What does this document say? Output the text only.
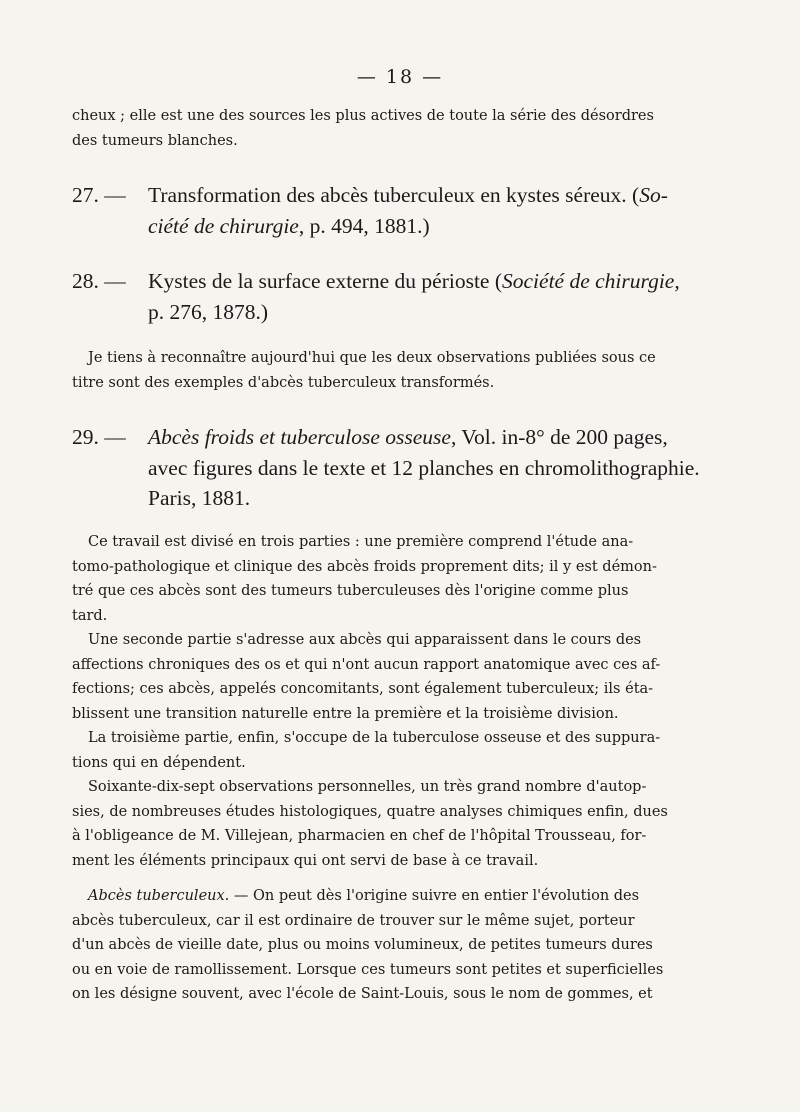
— 18 —

cheux ; elle est une des sources les plus actives de toute la série des désordres

des tumeurs blanches.

27. — Transformation des abcès tuberculeux en kystes séreux. (So-

ciété de chirurgie, p. 494, 1881.)

28. — Kystes de la surface externe du périoste (Société de chirurgie,

p. 276, 1878.)

Je tiens à reconnaître aujourd'hui que les deux observations publiées sous ce

titre sont des exemples d'abcès tuberculeux transformés.

29. — Abcès froids et tuberculose osseuse, Vol. in-8° de 200 pages,

avec figures dans le texte et 12 planches en chromolithographie.

Paris, 1881.

Ce travail est divisé en trois parties : une première comprend l'étude ana-

tomo-pathologique et clinique des abcès froids proprement dits; il y est démon-

tré que ces abcès sont des tumeurs tuberculeuses dès l'origine comme plus

tard.

Une seconde partie s'adresse aux abcès qui apparaissent dans le cours des

affections chroniques des os et qui n'ont aucun rapport anatomique avec ces af-

fections; ces abcès, appelés concomitants, sont également tuberculeux; ils éta-

blissent une transition naturelle entre la première et la troisième division.

La troisième partie, enfin, s'occupe de la tuberculose osseuse et des suppura-

tions qui en dépendent.

Soixante-dix-sept observations personnelles, un très grand nombre d'autop-

sies, de nombreuses études histologiques, quatre analyses chimiques enfin, dues

à l'obligeance de M. Villejean, pharmacien en chef de l'hôpital Trousseau, for-

ment les éléments principaux qui ont servi de base à ce travail.

Abcès tuberculeux. — On peut dès l'origine suivre en entier l'évolution des

abcès tuberculeux, car il est ordinaire de trouver sur le même sujet, porteur

d'un abcès de vieille date, plus ou moins volumineux, de petites tumeurs dures

ou en voie de ramollissement. Lorsque ces tumeurs sont petites et superficielles

on les désigne souvent, avec l'école de Saint-Louis, sous le nom de gommes, et
